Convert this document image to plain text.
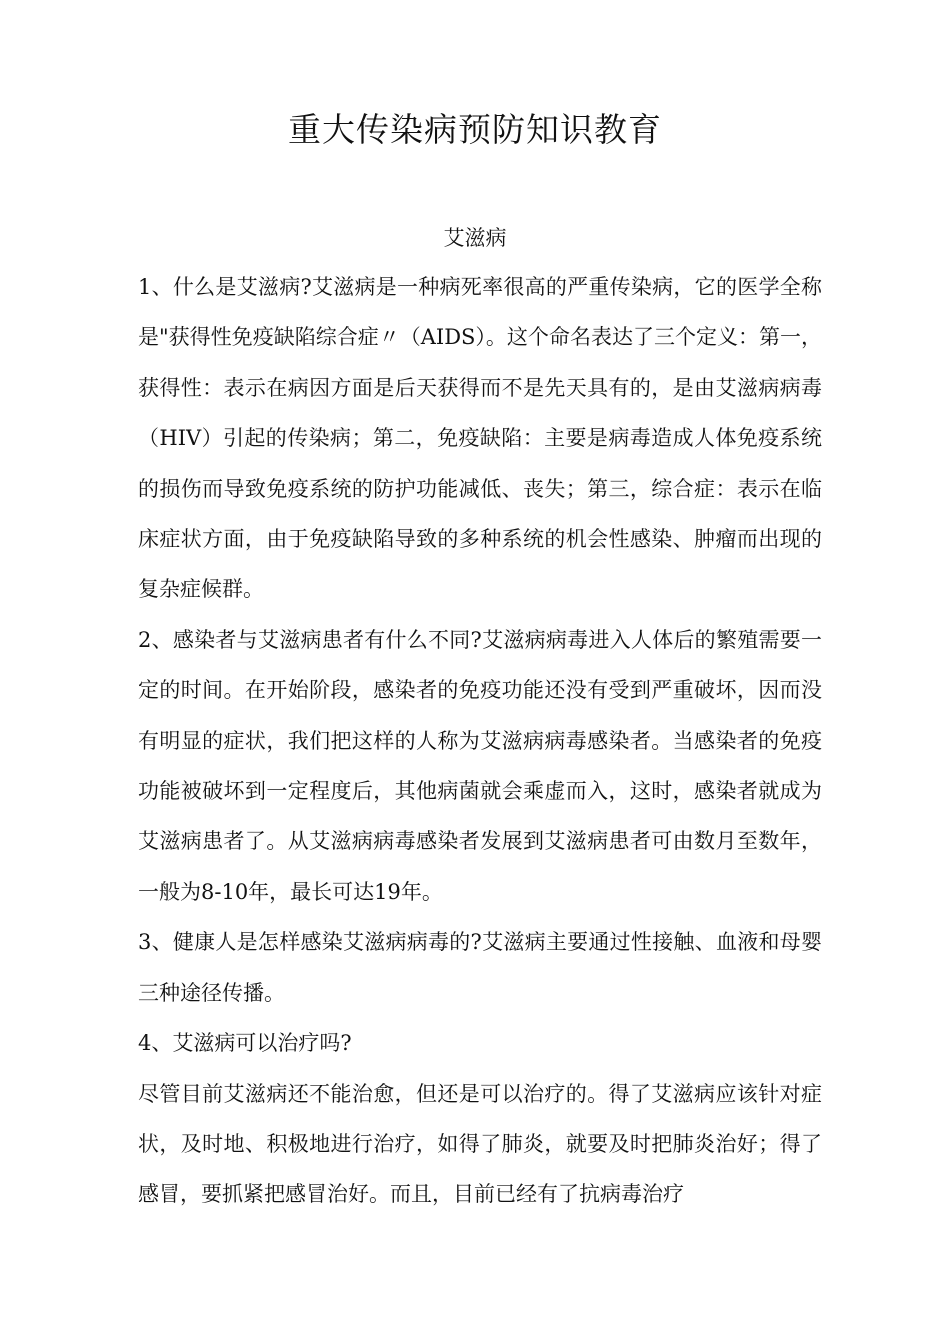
重大传染病预防知识教育
艾滋病

1、什么是艾滋病?艾滋病是一种病死率很高的严重传染病，它的医学全称是"获得性免疫缺陷综合症〃（AIDS）。这个命名表达了三个定义：第一，获得性：表示在病因方面是后天获得而不是先天具有的，是由艾滋病病毒（HIV）引起的传染病；第二，免疫缺陷：主要是病毒造成人体免疫系统的损伤而导致免疫系统的防护功能减低、丧失；第三，综合症：表示在临床症状方面，由于免疫缺陷导致的多种系统的机会性感染、肿瘤而出现的复杂症候群。

2、感染者与艾滋病患者有什么不同?艾滋病病毒进入人体后的繁殖需要一定的时间。在开始阶段，感染者的免疫功能还没有受到严重破坏，因而没有明显的症状，我们把这样的人称为艾滋病病毒感染者。当感染者的免疫功能被破坏到一定程度后，其他病菌就会乘虚而入，这时，感染者就成为艾滋病患者了。从艾滋病病毒感染者发展到艾滋病患者可由数月至数年，一般为8-10年，最长可达19年。

3、健康人是怎样感染艾滋病病毒的?艾滋病主要通过性接触、血液和母婴三种途径传播。

4、艾滋病可以治疗吗?

尽管目前艾滋病还不能治愈，但还是可以治疗的。得了艾滋病应该针对症状，及时地、积极地进行治疗，如得了肺炎，就要及时把肺炎治好；得了感冒，要抓紧把感冒治好。而且，目前已经有了抗病毒治疗
